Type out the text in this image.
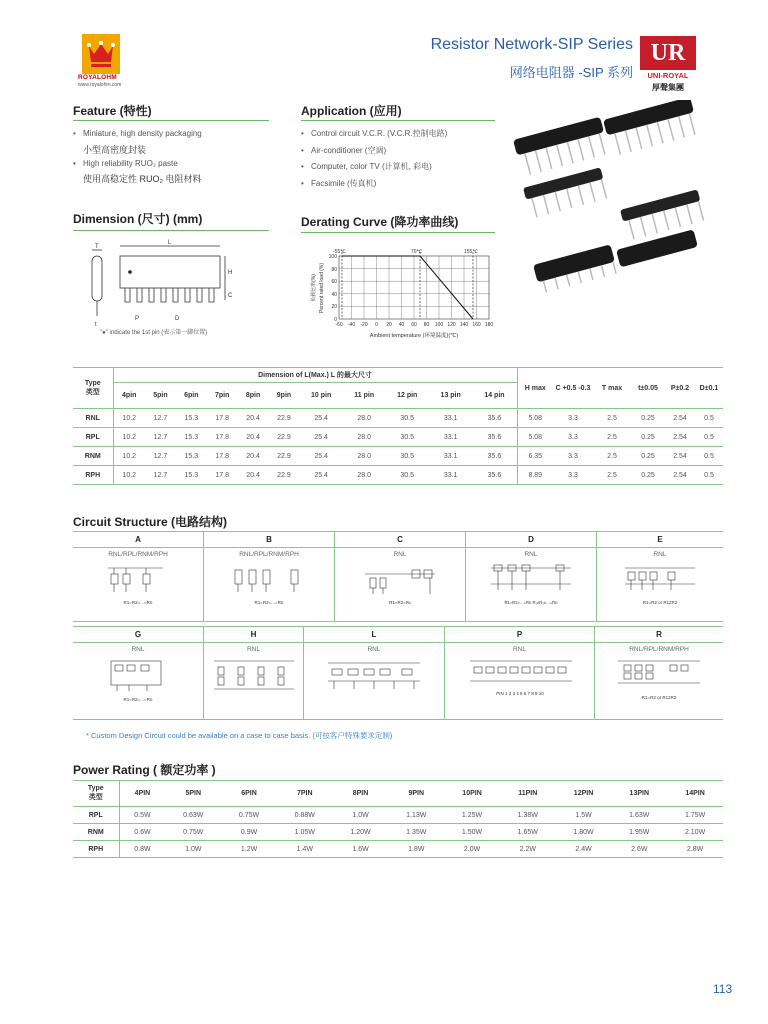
ROYALOHM
www.royalohm.com
Resistor Network-SIP Series
网络电阻器 -SIP 系列
UR
UNI-ROYAL
厚聲集團
Feature (特性)
• Miniature, high density packaging
小型高密度封装
• High reliability RUO₂ paste
使用高稳定性 RUO₂ 电阻材料
Application (应用)
• Control circuit V.C.R. (V.C.R.控制电路)
• Air-conditioner (空调)
• Computer, color TV (计算机, 彩电)
• Facsimile (传真机)
Dimension (尺寸) (mm)
T
L
H
C
P	D
t
"●" indicate the 1st pin (表示第一脚位置)
Derating Curve (降功率曲线)
-55℃	70℃	155℃
100
80
60
40
20
0
-60 -40 -20 0 20 40 60 80 100 120 140 160 180
Ambient temperature (环境温度)(℃)
负载比率(%) Percent rated load (%)
Type
类型	Dimension of L(Max.) L 的最大尺寸											H max	C +0.5 -0.3	T max	t±0.05	P±0.2	D±0.1
	4pin	5pin	6pin	7pin	8pin	9pin	10 pin	11 pin	12 pin	13 pin	14 pin						
RNL	10.2	12.7	15.3	17.8	20.4	22.9	25.4	28.0	30.5	33.1	35.6	5.08	3.3	2.5	0.25	2.54	0.5
RPL	10.2	12.7	15.3	17.8	20.4	22.9	25.4	28.0	30.5	33.1	35.6	5.08	3.3	2.5	0.25	2.54	0.5
RNM	10.2	12.7	15.3	17.8	20.4	22.9	25.4	28.0	30.5	33.1	35.6	6.35	3.3	2.5	0.25	2.54	0.5
RPH	10.2	12.7	15.3	17.8	20.4	22.9	25.4	28.0	30.5	33.1	35.6	8.89	3.3	2.5	0.25	2.54	0.5
Circuit Structure (电路结构)
A
RNL/RPL/RNM/RPH
R1=R2=...=Rn
B
RNL/RPL/RNM/RPH
R1=R2=...=Rn
C
RNL
R1=R2=Rₙ
D
RNL
R1=R2=...=Rn R₁≠R₂≠...=Rn
E
RNL
R1=R2 or R1≠R2
G
RNL
R1=R2=...=Rn
H
RNL
L
RNL
P
RNL
PIN 1 2 3 4 5 6 7 8 9 10
R
RNL/RPL/RNM/RPH
R1=R2 or R1≠R2
* Custom Design Circuit could be available on a case to case basis. (可按客户特殊要求定制)
Power Rating ( 额定功率 )
Type
类型	4PIN	5PIN	6PIN	7PIN	8PIN	9PIN	10PIN	11PIN	12PIN	13PIN	14PIN
RPL	0.5W	0.63W	0.75W	0.88W	1.0W	1.13W	1.25W	1.38W	1.5W	1.63W	1.75W
RNM	0.6W	0.75W	0.9W	1.05W	1.20W	1.35W	1.50W	1.65W	1.80W	1.95W	2.10W
RPH	0.8W	1.0W	1.2W	1.4W	1.6W	1.8W	2.0W	2.2W	2.4W	2.6W	2.8W
113
